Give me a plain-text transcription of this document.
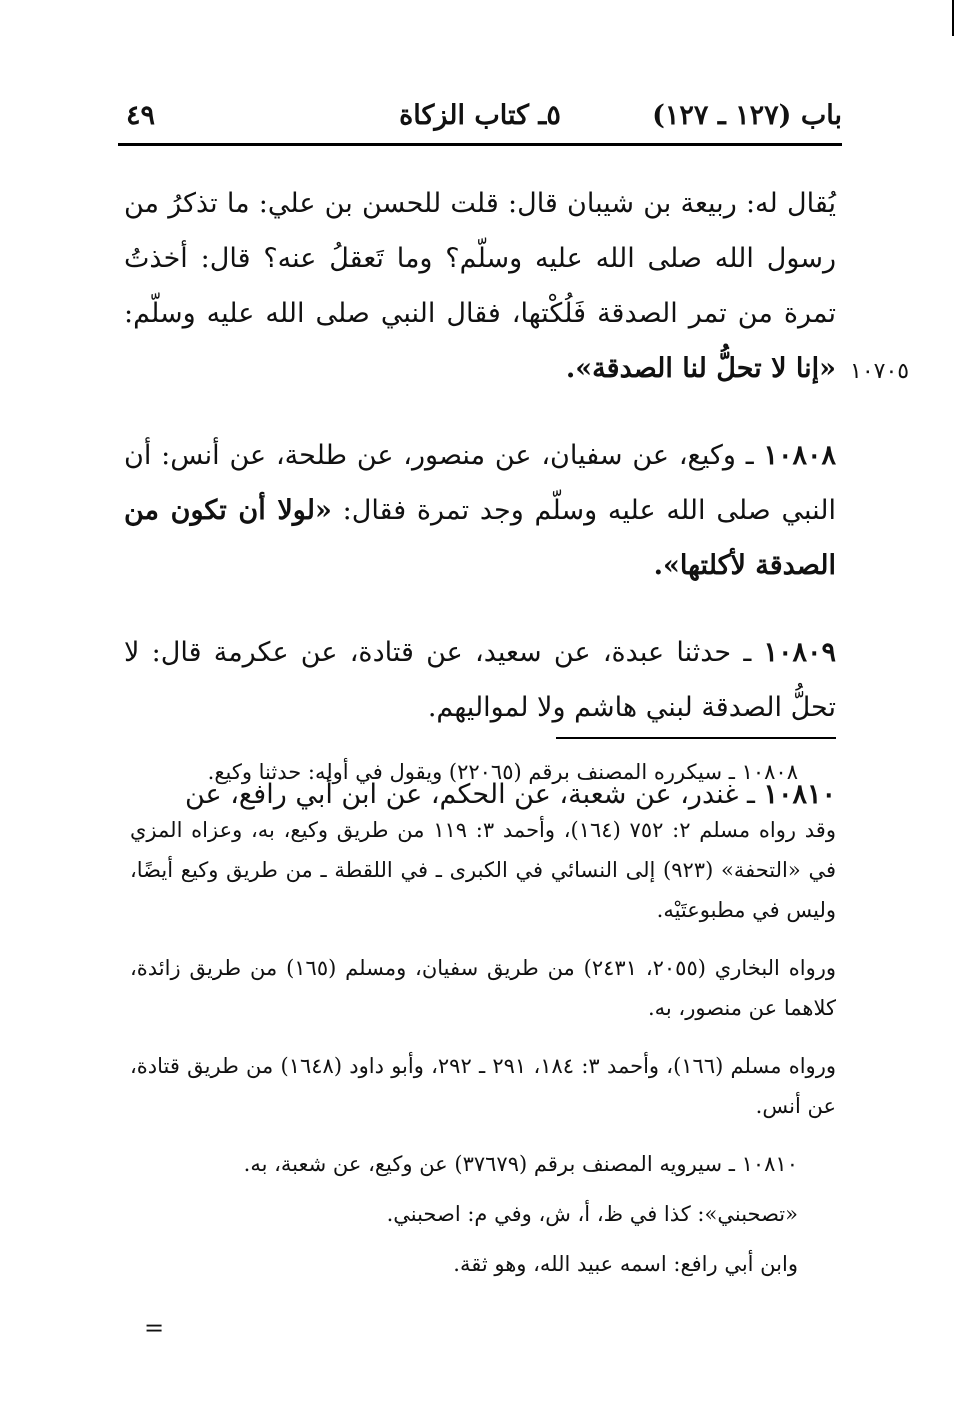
باب (١٢٧ ـ ١٢٧)
٥ـ كتاب الزكاة
٤٩
١٠٧٠٥

يُقال له: ربيعة بن شيبان قال: قلت للحسن بن علي: ما تذكرُ من رسول الله صلى الله عليه وسلّم؟ وما تَعقلُ عنه؟ قال: أخذتُ تمرة من تمر الصدقة فَلُكْتها، فقال النبي صلى الله عليه وسلّم: «إنا لا تحلُّ لنا الصدقة».

١٠٨٠٨ ـ وكيع، عن سفيان، عن منصور، عن طلحة، عن أنس: أن النبي صلى الله عليه وسلّم وجد تمرة فقال: «لولا أن تكون من الصدقة لأكلتها».

١٠٨٠٩ ـ حدثنا عبدة، عن سعيد، عن قتادة، عن عكرمة قال: لا تحلُّ الصدقة لبني هاشم ولا لمواليهم.

١٠٨١٠ ـ غندر، عن شعبة، عن الحكم، عن ابن أبي رافع، عن

١٠٨٠٨ ـ سيكرره المصنف برقم (٢٢٠٦٥) ويقول في أوله: حدثنا وكيع.

وقد رواه مسلم ٢: ٧٥٢ (١٦٤)، وأحمد ٣: ١١٩ من طريق وكيع، به، وعزاه المزي في «التحفة» (٩٢٣) إلى النسائي في الكبرى ـ في اللقطة ـ من طريق وكيع أيضًا، وليس في مطبوعتَيْه.

ورواه البخاري (٢٠٥٥، ٢٤٣١) من طريق سفيان، ومسلم (١٦٥) من طريق زائدة، كلاهما عن منصور، به.

ورواه مسلم (١٦٦)، وأحمد ٣: ١٨٤، ٢٩١ ـ ٢٩٢، وأبو داود (١٦٤٨) من طريق قتادة، عن أنس.

١٠٨١٠ ـ سيرويه المصنف برقم (٣٧٦٧٩) عن وكيع، عن شعبة، به.

«تصحبني»: كذا في ظ، أ، ش، وفي م: اصحبني.

وابن أبي رافع: اسمه عبيد الله، وهو ثقة.

=
